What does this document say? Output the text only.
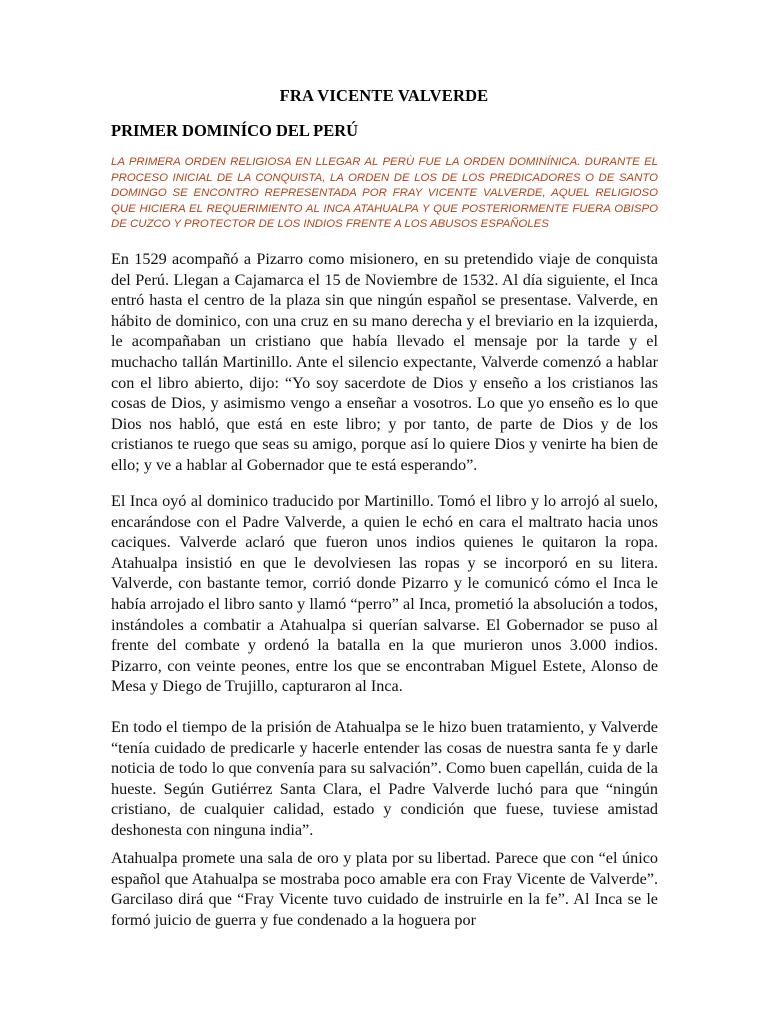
FRA VICENTE VALVERDE
PRIMER DOMINÍCO DEL PERÚ

LA PRIMERA ORDEN RELIGIOSA EN LLEGAR AL PERÙ FUE LA ORDEN DOMINÍNICA. DURANTE EL PROCESO INICIAL DE LA CONQUISTA, LA ORDEN DE LOS DE LOS PREDICADORES O DE SANTO DOMINGO SE ENCONTRO REPRESENTADA POR FRAY VICENTE VALVERDE, AQUEL RELIGIOSO QUE HICIERA EL REQUERIMIENTO AL INCA ATAHUALPA Y QUE POSTERIORMENTE FUERA OBISPO DE CUZCO Y PROTECTOR DE LOS INDIOS FRENTE A LOS ABUSOS ESPAÑOLES

En 1529 acompañó a Pizarro como misionero, en su pretendido viaje de conquista del Perú. Llegan a Cajamarca el 15 de Noviembre de 1532. Al día siguiente, el Inca entró hasta el centro de la plaza sin que ningún español se presentase. Valverde, en hábito de dominico, con una cruz en su mano derecha y el breviario en la izquierda, le acompañaban un cristiano que había llevado el mensaje por la tarde y el muchacho tallán Martinillo. Ante el silencio expectante, Valverde comenzó a hablar con el libro abierto, dijo: “Yo soy sacerdote de Dios y enseño a los cristianos las cosas de Dios, y asimismo vengo a enseñar a vosotros. Lo que yo enseño es lo que Dios nos habló, que está en este libro; y por tanto, de parte de Dios y de los cristianos te ruego que seas su amigo, porque así lo quiere Dios y venirte ha bien de ello; y ve a hablar al Gobernador que te está esperando”.

El Inca oyó al dominico traducido por Martinillo. Tomó el libro y lo arrojó al suelo, encarándose con el Padre Valverde, a quien le echó en cara el maltrato hacia unos caciques. Valverde aclaró que fueron unos indios quienes le quitaron la ropa. Atahualpa insistió en que le devolviesen las ropas y se incorporó en su litera. Valverde, con bastante temor, corrió donde Pizarro y le comunicó cómo el Inca le había arrojado el libro santo y llamó “perro” al Inca, prometió la absolución a todos, instándoles a combatir a Atahualpa si querían salvarse. El Gobernador se puso al frente del combate y ordenó la batalla en la que murieron unos 3.000 indios. Pizarro, con veinte peones, entre los que se encontraban Miguel Estete, Alonso de Mesa y Diego de Trujillo, capturaron al Inca.

En todo el tiempo de la prisión de Atahualpa se le hizo buen tratamiento, y Valverde “tenía cuidado de predicarle y hacerle entender las cosas de nuestra santa fe y darle noticia de todo lo que convenía para su salvación”. Como buen capellán, cuida de la hueste. Según Gutiérrez Santa Clara, el Padre Valverde luchó para que “ningún cristiano, de cualquier calidad, estado y condición que fuese, tuviese amistad deshonesta con ninguna india”.

Atahualpa promete una sala de oro y plata por su libertad. Parece que con “el único español que Atahualpa se mostraba poco amable era con Fray Vicente de Valverde”. Garcilaso dirá que “Fray Vicente tuvo cuidado de instruirle en la fe”. Al Inca se le formó juicio de guerra y fue condenado a la hoguera por
